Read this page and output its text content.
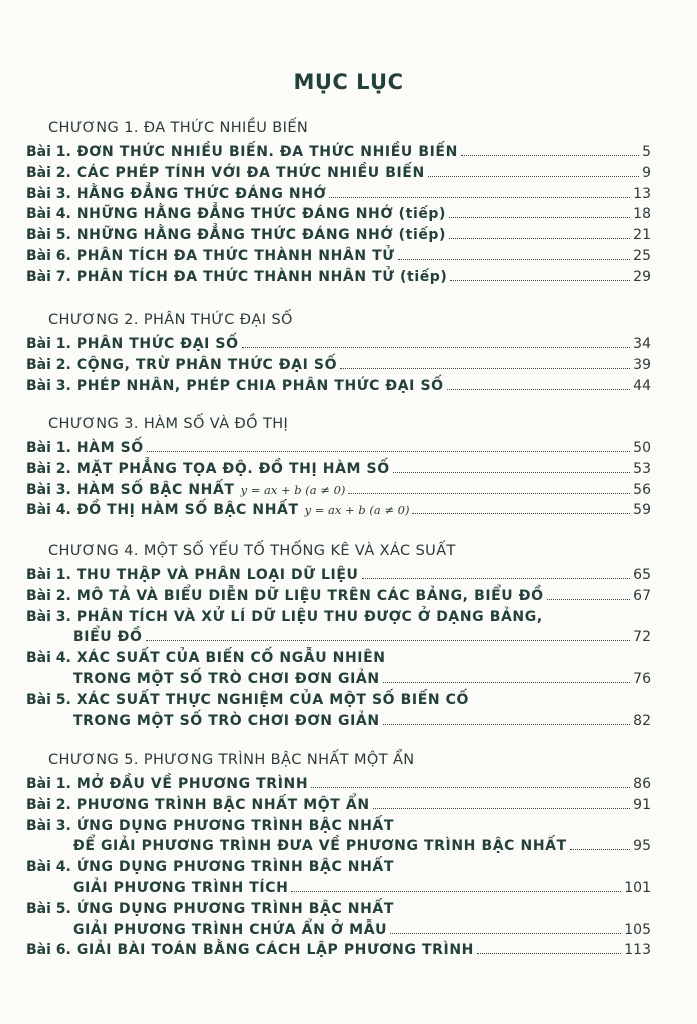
MỤC LỤC
CHƯƠNG 1. ĐA THỨC NHIỀU BIẾN
Bài 1. ĐƠN THỨC NHIỀU BIẾN. ĐA THỨC NHIỀU BIẾN	5
Bài 2. CÁC PHÉP TÍNH VỚI ĐA THỨC NHIỀU BIẾN	9
Bài 3. HẰNG ĐẲNG THỨC ĐÁNG NHỚ	13
Bài 4. NHỮNG HẰNG ĐẲNG THỨC ĐÁNG NHỚ (tiếp)	18
Bài 5. NHỮNG HẰNG ĐẲNG THỨC ĐÁNG NHỚ (tiếp)	21
Bài 6. PHÂN TÍCH ĐA THỨC THÀNH NHÂN TỬ	25
Bài 7. PHÂN TÍCH ĐA THỨC THÀNH NHÂN TỬ (tiếp)	29
CHƯƠNG 2. PHÂN THỨC ĐẠI SỐ
Bài 1. PHÂN THỨC ĐẠI SỐ	34
Bài 2. CỘNG, TRỪ PHÂN THỨC ĐẠI SỐ	39
Bài 3. PHÉP NHÂN, PHÉP CHIA PHÂN THỨC ĐẠI SỐ	44
CHƯƠNG 3. HÀM SỐ VÀ ĐỒ THỊ
Bài 1. HÀM SỐ	50
Bài 2. MẶT PHẲNG TỌA ĐỘ. ĐỒ THỊ HÀM SỐ	53
Bài 3. HÀM SỐ BẬC NHẤT y = ax + b (a ≠ 0)	56
Bài 4. ĐỒ THỊ HÀM SỐ BẬC NHẤT y = ax + b (a ≠ 0)	59
CHƯƠNG 4. MỘT SỐ YẾU TỐ THỐNG KÊ VÀ XÁC SUẤT
Bài 1. THU THẬP VÀ PHÂN LOẠI DỮ LIỆU	65
Bài 2. MÔ TẢ VÀ BIỂU DIỄN DỮ LIỆU TRÊN CÁC BẢNG, BIỂU ĐỒ	67
Bài 3. PHÂN TÍCH VÀ XỬ LÍ DỮ LIỆU THU ĐƯỢC Ở DẠNG BẢNG,
BIỂU ĐỒ	72
Bài 4. XÁC SUẤT CỦA BIẾN CỐ NGẪU NHIÊN
TRONG MỘT SỐ TRÒ CHƠI ĐƠN GIẢN	76
Bài 5. XÁC SUẤT THỰC NGHIỆM CỦA MỘT SỐ BIẾN CỐ
TRONG MỘT SỐ TRÒ CHƠI ĐƠN GIẢN	82
CHƯƠNG 5. PHƯƠNG TRÌNH BẬC NHẤT MỘT ẨN
Bài 1. MỞ ĐẦU VỀ PHƯƠNG TRÌNH	86
Bài 2. PHƯƠNG TRÌNH BẬC NHẤT MỘT ẨN	91
Bài 3. ỨNG DỤNG PHƯƠNG TRÌNH BẬC NHẤT
ĐỂ GIẢI PHƯƠNG TRÌNH ĐƯA VỀ PHƯƠNG TRÌNH BẬC NHẤT	95
Bài 4. ỨNG DỤNG PHƯƠNG TRÌNH BẬC NHẤT
GIẢI PHƯƠNG TRÌNH TÍCH	101
Bài 5. ỨNG DỤNG PHƯƠNG TRÌNH BẬC NHẤT
GIẢI PHƯƠNG TRÌNH CHỨA ẨN Ở MẪU	105
Bài 6. GIẢI BÀI TOÁN BẰNG CÁCH LẬP PHƯƠNG TRÌNH	113
